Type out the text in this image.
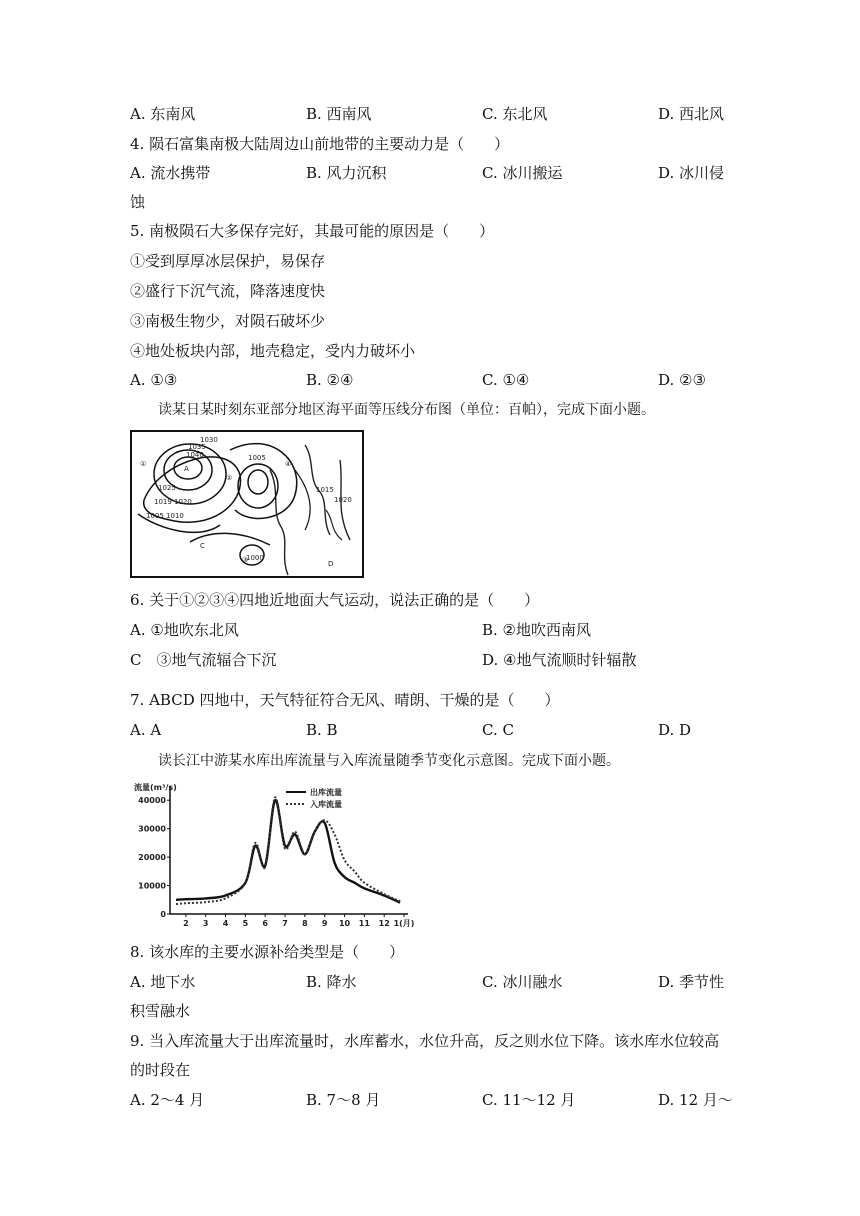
A. 东南风	B. 西南风	C. 东北风	D. 西北风
4. 陨石富集南极大陆周边山前地带的主要动力是（　　）
A. 流水携带	B. 风力沉积	C. 冰川搬运	D. 冰川侵
蚀
5. 南极陨石大多保存完好，其最可能的原因是（　　）
①受到厚厚冰层保护，易保存
②盛行下沉气流，降落速度快
③南极生物少，对陨石破坏少
④地处板块内部，地壳稳定，受内力破坏小
A. ①③	B. ②④	C. ①④	D. ②③
读某日某时刻东亚部分地区海平面等压线分布图（单位：百帕），完成下面小题。
A
1030
1035
1040
1025
1019 1020
1005 1010
1000
1005
1015
1020
C
D
①
②
③
④
6. 关于①②③④四地近地面大气运动，说法正确的是（　　）
A. ①地吹东北风	B. ②地吹西南风
C　③地气流辐合下沉	D. ④地气流顺时针辐散
7. ABCD 四地中，天气特征符合无风、晴朗、干燥的是（　　）
A. A	B. B	C. C	D. D
读长江中游某水库出库流量与入库流量随季节变化示意图。完成下面小题。
流量(m³/s)
0
10000
20000
30000
40000
2 3 4 5 6 7 8 9 10 11 12 1(月)
出库流量
入库流量
8. 该水库的主要水源补给类型是（　　）
A. 地下水	B. 降水	C. 冰川融水	D. 季节性
积雪融水
9. 当入库流量大于出库流量时，水库蓄水，水位升高，反之则水位下降。该水库水位较高
的时段在
A. 2～4 月	B. 7～8 月	C. 11～12 月	D. 12 月～
